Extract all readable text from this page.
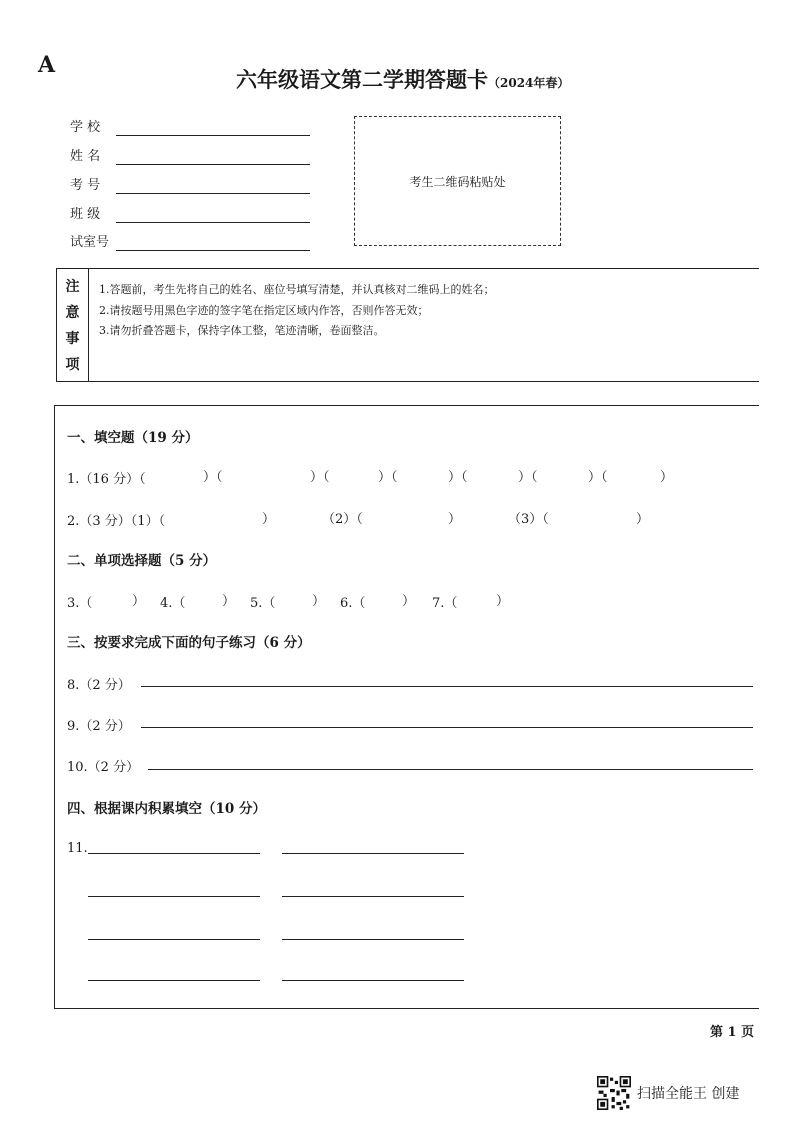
A
六年级语文第二学期答题卡（2024年春）
学 校
姓 名
考 号
班 级
试室号
考生二维码粘贴处
注
意
事
项
1.答题前，考生先将自己的姓名、座位号填写清楚，并认真核对二维码上的姓名；
2.请按题号用黑色字迹的签字笔在指定区域内作答，否则作答无效；
3.请勿折叠答题卡，保持字体工整，笔迹清晰，卷面整洁。
一、填空题（19 分）
1.（16 分）（	）（	）（	）（	）（	）（	）（	）
2.（3 分）（1）（	）	（2）（	）	（3）（	）
二、单项选择题（5 分）
3.（	） 4.（	） 5.（	） 6.（	） 7.（	）
三、按要求完成下面的句子练习（6 分）
8.（2 分）
9.（2 分）
10.（2 分）
四、根据课内积累填空（10 分）
11.
第 1 页
扫描全能王 创建
